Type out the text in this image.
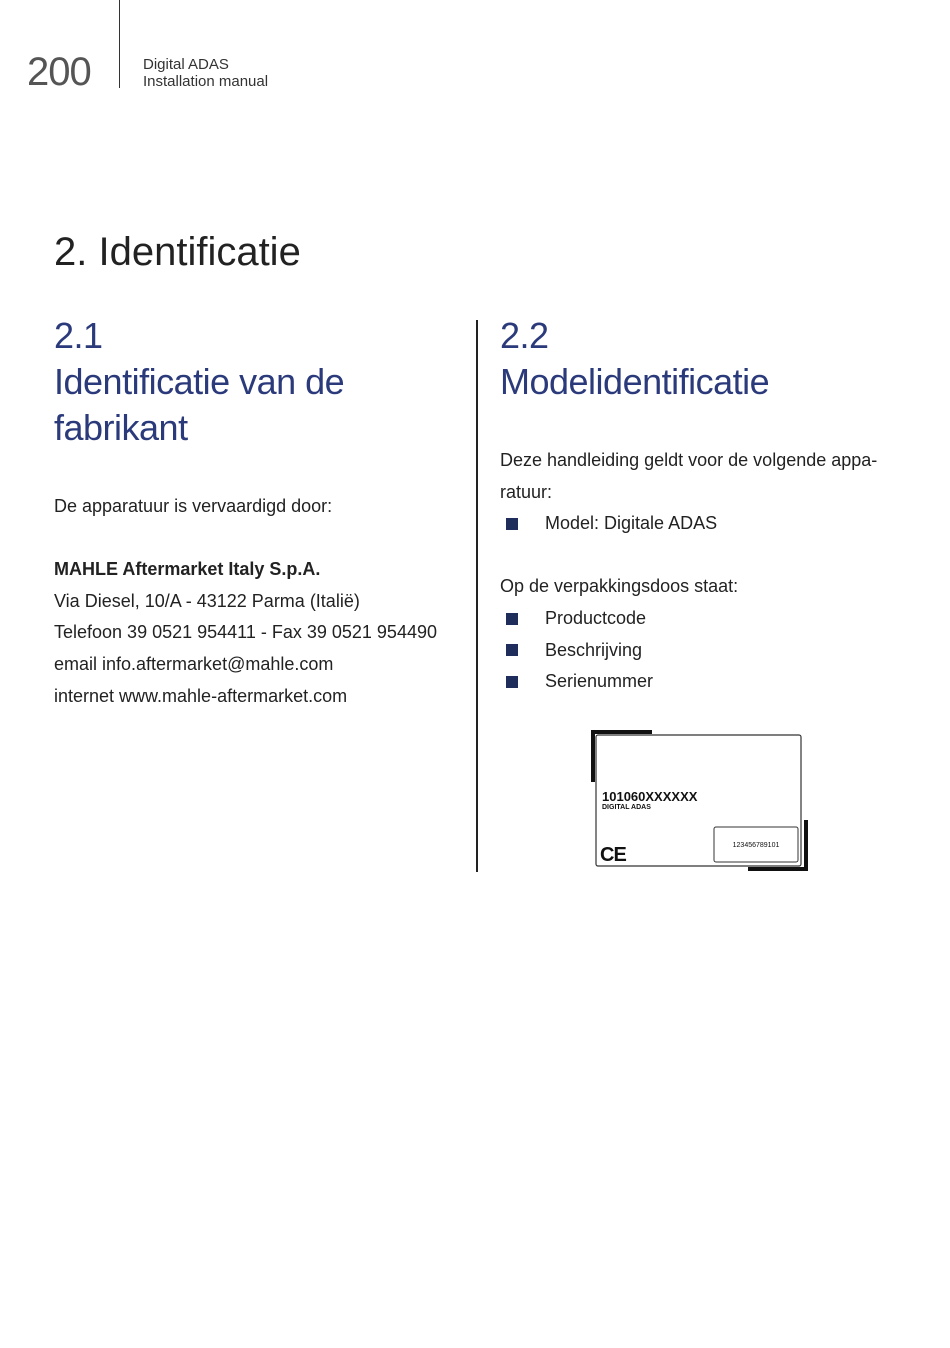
200	Digital ADAS
Installation manual
2. Identificatie
2.1
Identificatie van de fabrikant

De apparatuur is vervaardigd door:

MAHLE Aftermarket Italy S.p.A.

Via Diesel, 10/A - 43122 Parma (Italië)

Telefoon 39 0521 954411 - Fax 39 0521 954490

email info.aftermarket@mahle.com

internet www.mahle-aftermarket.com

2.2
Modelidentificatie

Deze handleiding geldt voor de volgende appa-

ratuur:

Model: Digitale ADAS

Op de verpakkingsdoos staat:

Productcode
Beschrijving
Serienummer
101060XXXXXX
DIGITAL ADAS
123456789101
CE
